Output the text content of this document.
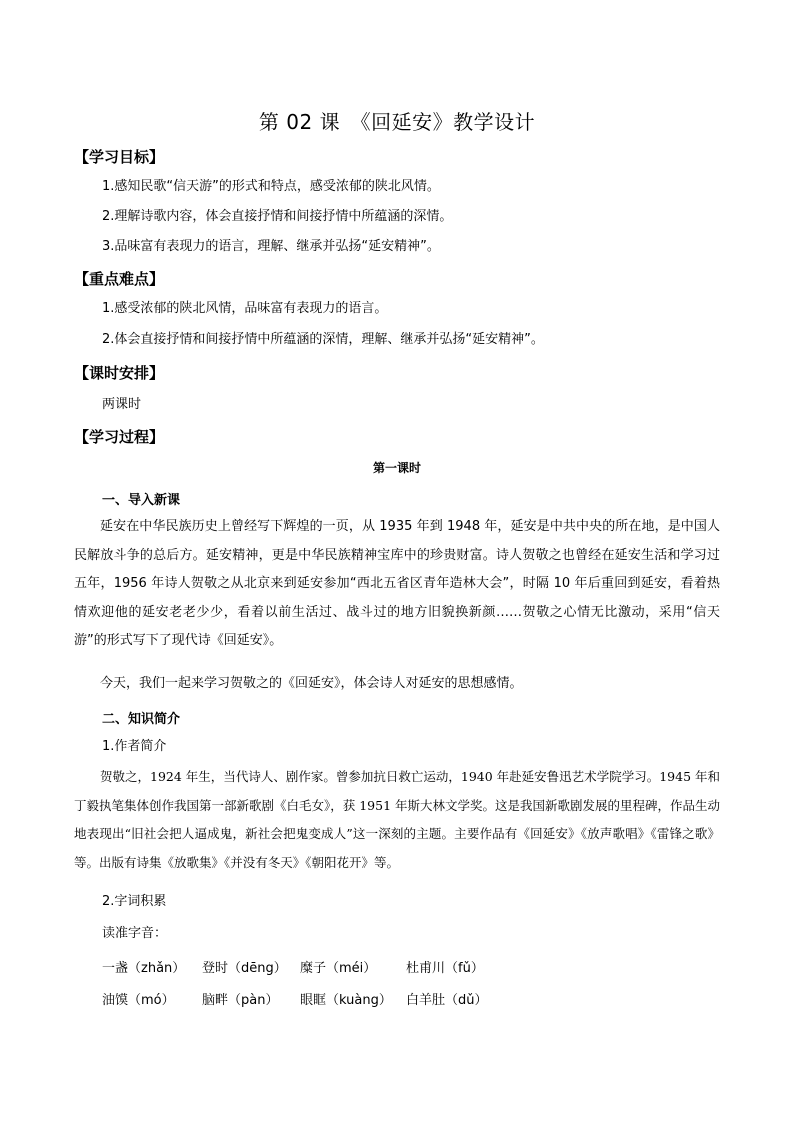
第 02 课　《回延安》教学设计
【学习目标】
1.感知民歌“信天游”的形式和特点，感受浓郁的陕北风情。
2.理解诗歌内容，体会直接抒情和间接抒情中所蕴涵的深情。
3.品味富有表现力的语言，理解、继承并弘扬“延安精神”。
【重点难点】
1.感受浓郁的陕北风情，品味富有表现力的语言。
2.体会直接抒情和间接抒情中所蕴涵的深情，理解、继承并弘扬“延安精神”。
【课时安排】
两课时
【学习过程】
第一课时
一、导入新课
延安在中华民族历史上曾经写下辉煌的一页，从 1935 年到 1948 年，延安是中共中央的所在地，是中国人民解放斗争的总后方。延安精神，更是中华民族精神宝库中的珍贵财富。诗人贺敬之也曾经在延安生活和学习过五年，1956 年诗人贺敬之从北京来到延安参加“西北五省区青年造林大会”，时隔 10 年后重回到延安，看着热情欢迎他的延安老老少少，看着以前生活过、战斗过的地方旧貌换新颜……贺敬之心情无比激动，采用“信天游”的形式写下了现代诗《回延安》。
今天，我们一起来学习贺敬之的《回延安》，体会诗人对延安的思想感情。
二、知识简介
1.作者简介
贺敬之，1924 年生，当代诗人、剧作家。曾参加抗日救亡运动，1940 年赴延安鲁迅艺术学院学习。1945 年和丁毅执笔集体创作我国第一部新歌剧《白毛女》，获 1951 年斯大林文学奖。这是我国新歌剧发展的里程碑，作品生动地表现出“旧社会把人逼成鬼，新社会把鬼变成人”这一深刻的主题。主要作品有《回延安》《放声歌唱》《雷锋之歌》等。出版有诗集《放歌集》《并没有冬天》《朝阳花开》等。
2.字词积累
读准字音：
一盏（zhǎn） 登时（dēng） 糜子（méi） 杜甫川（fǔ）
油馍（mó） 脑畔（pàn） 眼眶（kuàng） 白羊肚（dǔ）
